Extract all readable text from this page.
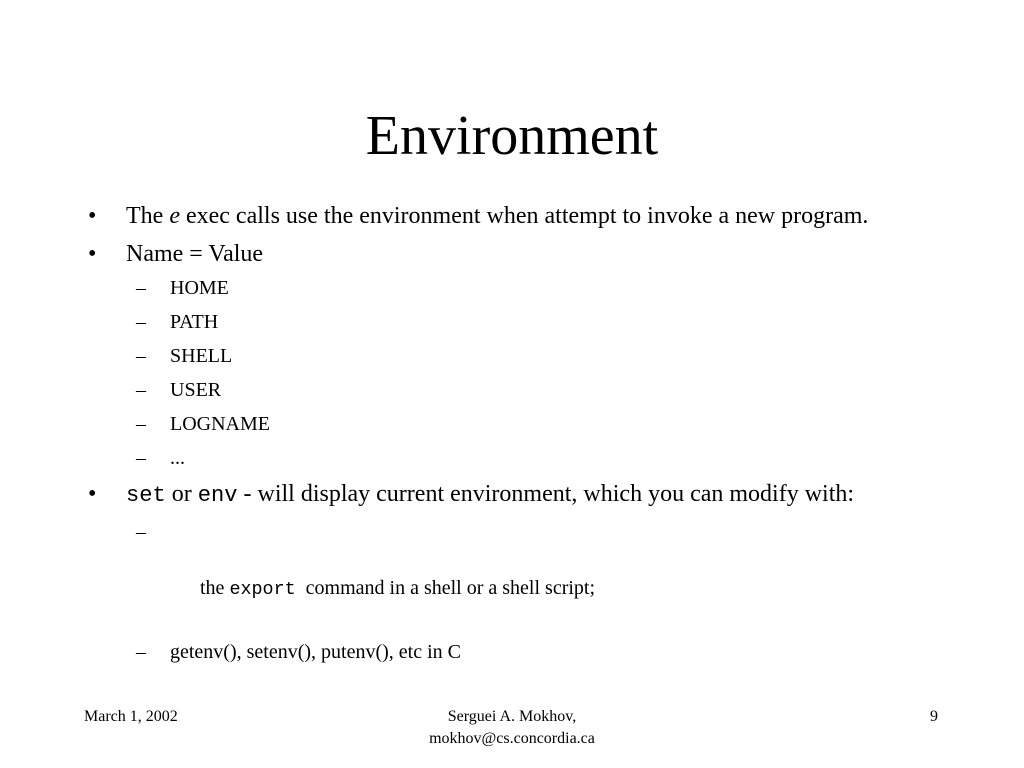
Environment
•	The e exec calls use the environment when attempt to invoke a new program.
•	Name = Value
– HOME
– PATH
– SHELL
– USER
– LOGNAME
– ...
•	set or env - will display current environment, which you can modify with:

–

the export  command in a shell or a shell script;

– getenv(), setenv(), putenv(), etc in C
March 1, 2002	Serguei A. Mokhov,
mokhov@cs.concordia.ca
9
